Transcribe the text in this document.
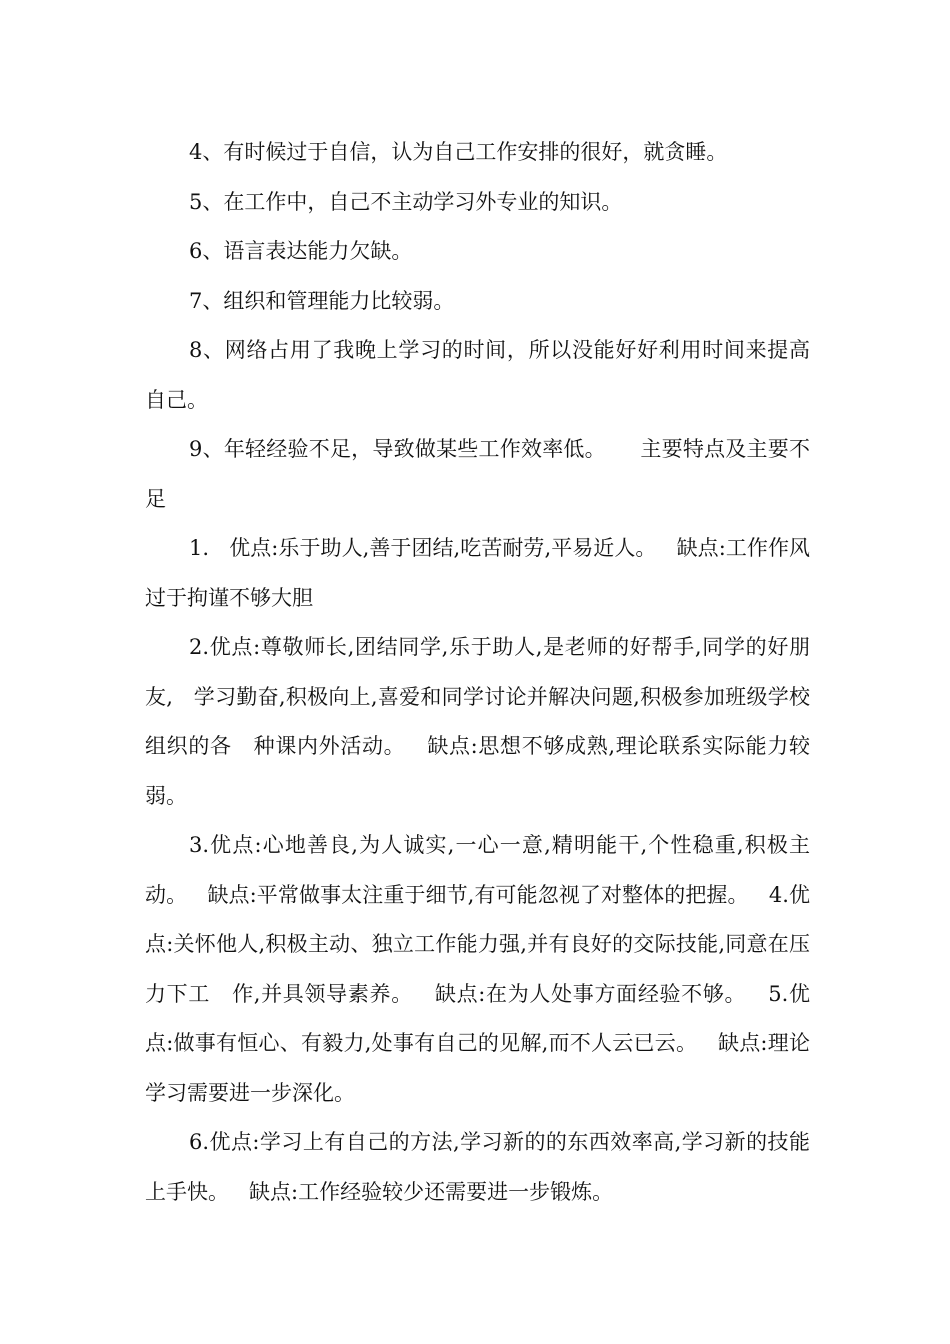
4、有时候过于自信，认为自己工作安排的很好，就贪睡。

5、在工作中，自己不主动学习外专业的知识。

6、语言表达能力欠缺。

7、组织和管理能力比较弱。

8、网络占用了我晚上学习的时间，所以没能好好利用时间来提高自己。

9、年轻经验不足，导致做某些工作效率低。     主要特点及主要不足

1.   优点:乐于助人,善于团结,吃苦耐劳,平易近人。   缺点:工作作风过于拘谨不够大胆

2.优点:尊敬师长,团结同学,乐于助人,是老师的好帮手,同学的好朋友,   学习勤奋,积极向上,喜爱和同学讨论并解决问题,积极参加班级学校组织的各   种课内外活动。   缺点:思想不够成熟,理论联系实际能力较弱。

3.优点:心地善良,为人诚实,一心一意,精明能干,个性稳重,积极主动。   缺点:平常做事太注重于细节,有可能忽视了对整体的把握。   4.优点:关怀他人,积极主动、独立工作能力强,并有良好的交际技能,同意在压力下工   作,并具领导素养。   缺点:在为人处事方面经验不够。   5.优点:做事有恒心、有毅力,处事有自己的见解,而不人云已云。   缺点:理论学习需要进一步深化。

6.优点:学习上有自己的方法,学习新的的东西效率高,学习新的技能上手快。   缺点:工作经验较少还需要进一步锻炼。
